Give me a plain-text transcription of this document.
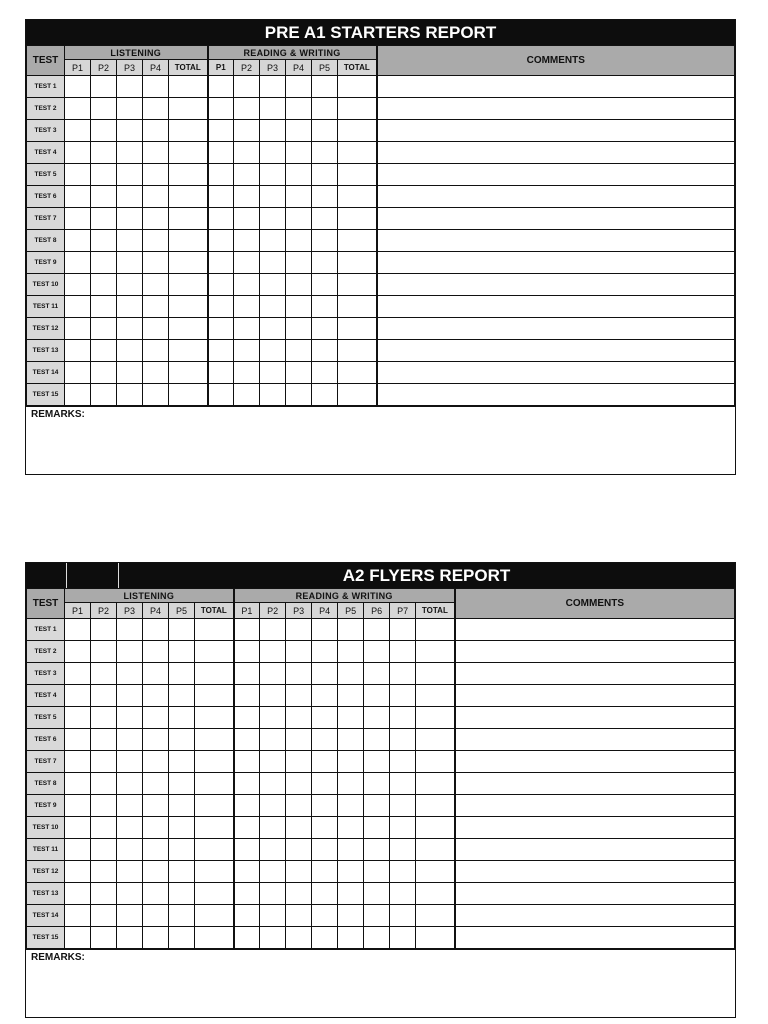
PRE A1 STARTERS REPORT
TEST	LISTENING					READING & WRITING						COMMENTS
	P1	P2	P3	P4	TOTAL	P1	P2	P3	P4	P5	TOTAL	
TEST 1												
TEST 2												
TEST 3												
TEST 4												
TEST 5												
TEST 6												
TEST 7												
TEST 8												
TEST 9												
TEST 10												
TEST 11												
TEST 12												
TEST 13												
TEST 14												
TEST 15												
REMARKS:
A2 FLYERS REPORT
TEST	LISTENING						READING & WRITING								COMMENTS
	P1	P2	P3	P4	P5	TOTAL	P1	P2	P3	P4	P5	P6	P7	TOTAL	
TEST 1															
TEST 2															
TEST 3															
TEST 4															
TEST 5															
TEST 6															
TEST 7															
TEST 8															
TEST 9															
TEST 10															
TEST 11															
TEST 12															
TEST 13															
TEST 14															
TEST 15															
REMARKS:
